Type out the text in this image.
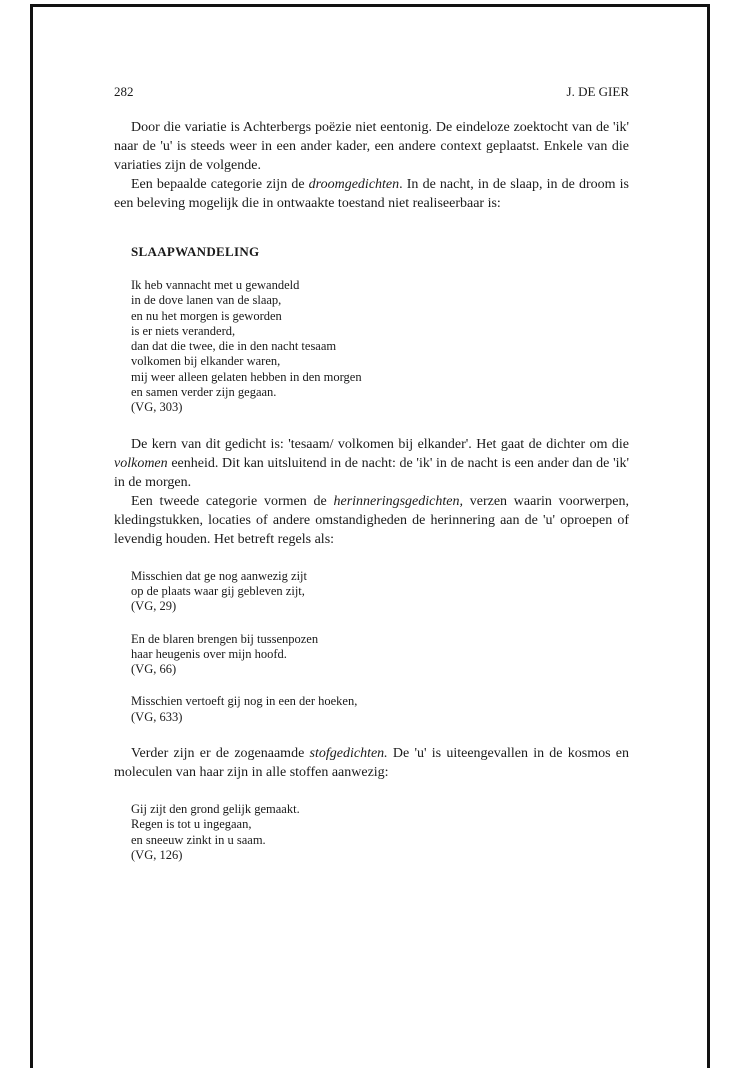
282	J. DE GIER

Door die variatie is Achterbergs poëzie niet eentonig. De eindeloze zoektocht van de 'ik' naar de 'u' is steeds weer in een ander kader, een andere context geplaatst. Enkele van die variaties zijn de volgende.

Een bepaalde categorie zijn de droomgedichten. In de nacht, in de slaap, in de droom is een beleving mogelijk die in ontwaakte toestand niet realiseerbaar is:

SLAAPWANDELING
Ik heb vannacht met u gewandeld
in de dove lanen van de slaap,
en nu het morgen is geworden
is er niets veranderd,
dan dat die twee, die in den nacht tesaam
volkomen bij elkander waren,
mij weer alleen gelaten hebben in den morgen
en samen verder zijn gegaan.
(VG, 303)

De kern van dit gedicht is: 'tesaam/ volkomen bij elkander'. Het gaat de dichter om die volkomen eenheid. Dit kan uitsluitend in de nacht: de 'ik' in de nacht is een ander dan de 'ik' in de morgen.

Een tweede categorie vormen de herinneringsgedichten, verzen waarin voorwerpen, kledingstukken, locaties of andere omstandigheden de herinnering aan de 'u' oproepen of levendig houden. Het betreft regels als:

Misschien dat ge nog aanwezig zijt
op de plaats waar gij gebleven zijt,
(VG, 29)
En de blaren brengen bij tussenpozen
haar heugenis over mijn hoofd.
(VG, 66)
Misschien vertoeft gij nog in een der hoeken,
(VG, 633)

Verder zijn er de zogenaamde stofgedichten. De 'u' is uiteengevallen in de kosmos en moleculen van haar zijn in alle stoffen aanwezig:

Gij zijt den grond gelijk gemaakt.
Regen is tot u ingegaan,
en sneeuw zinkt in u saam.
(VG, 126)
